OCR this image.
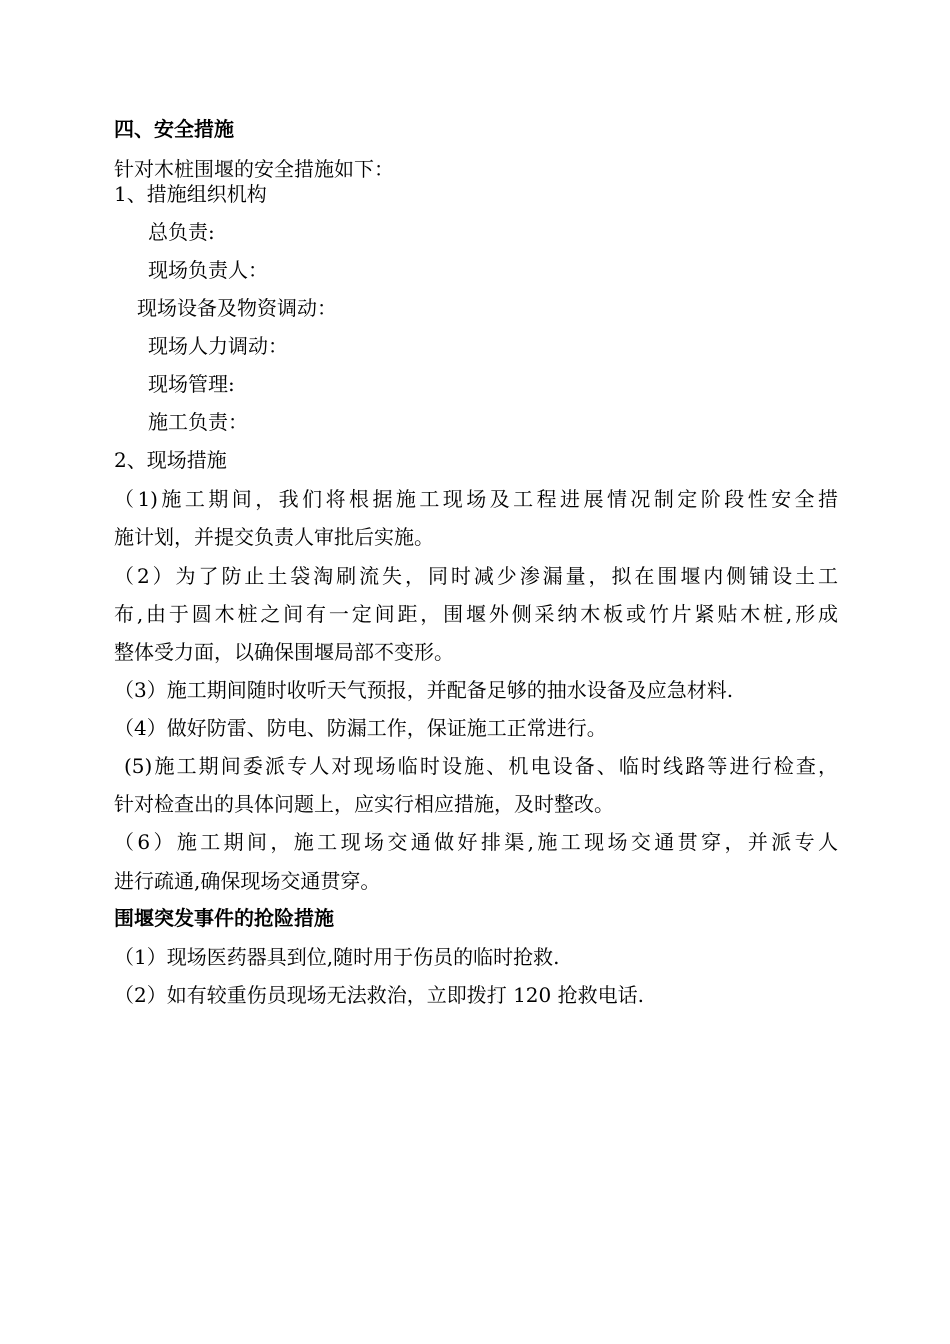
四、安全措施
针对木桩围堰的安全措施如下：
1、措施组织机构
总负责:
现场负责人：
现场设备及物资调动：
现场人力调动：
现场管理:
施工负责：
2、现场措施
（1)施工期间，我们将根据施工现场及工程进展情况制定阶段性安全措
施计划，并提交负责人审批后实施。
（2）为了防止土袋淘刷流失，同时减少渗漏量，拟在围堰内侧铺设土工
布,由于圆木桩之间有一定间距，围堰外侧采纳木板或竹片紧贴木桩,形成
整体受力面，以确保围堰局部不变形。
（3）施工期间随时收听天气预报，并配备足够的抽水设备及应急材料.
（4）做好防雷、防电、防漏工作，保证施工正常进行。
(5)施工期间委派专人对现场临时设施、机电设备、临时线路等进行检查，
针对检查出的具体问题上，应实行相应措施，及时整改。
（6）施工期间，施工现场交通做好排渠,施工现场交通贯穿，并派专人
进行疏通,确保现场交通贯穿。
围堰突发事件的抢险措施
（1）现场医药器具到位,随时用于伤员的临时抢救.
（2）如有较重伤员现场无法救治，立即拨打 120 抢救电话.
